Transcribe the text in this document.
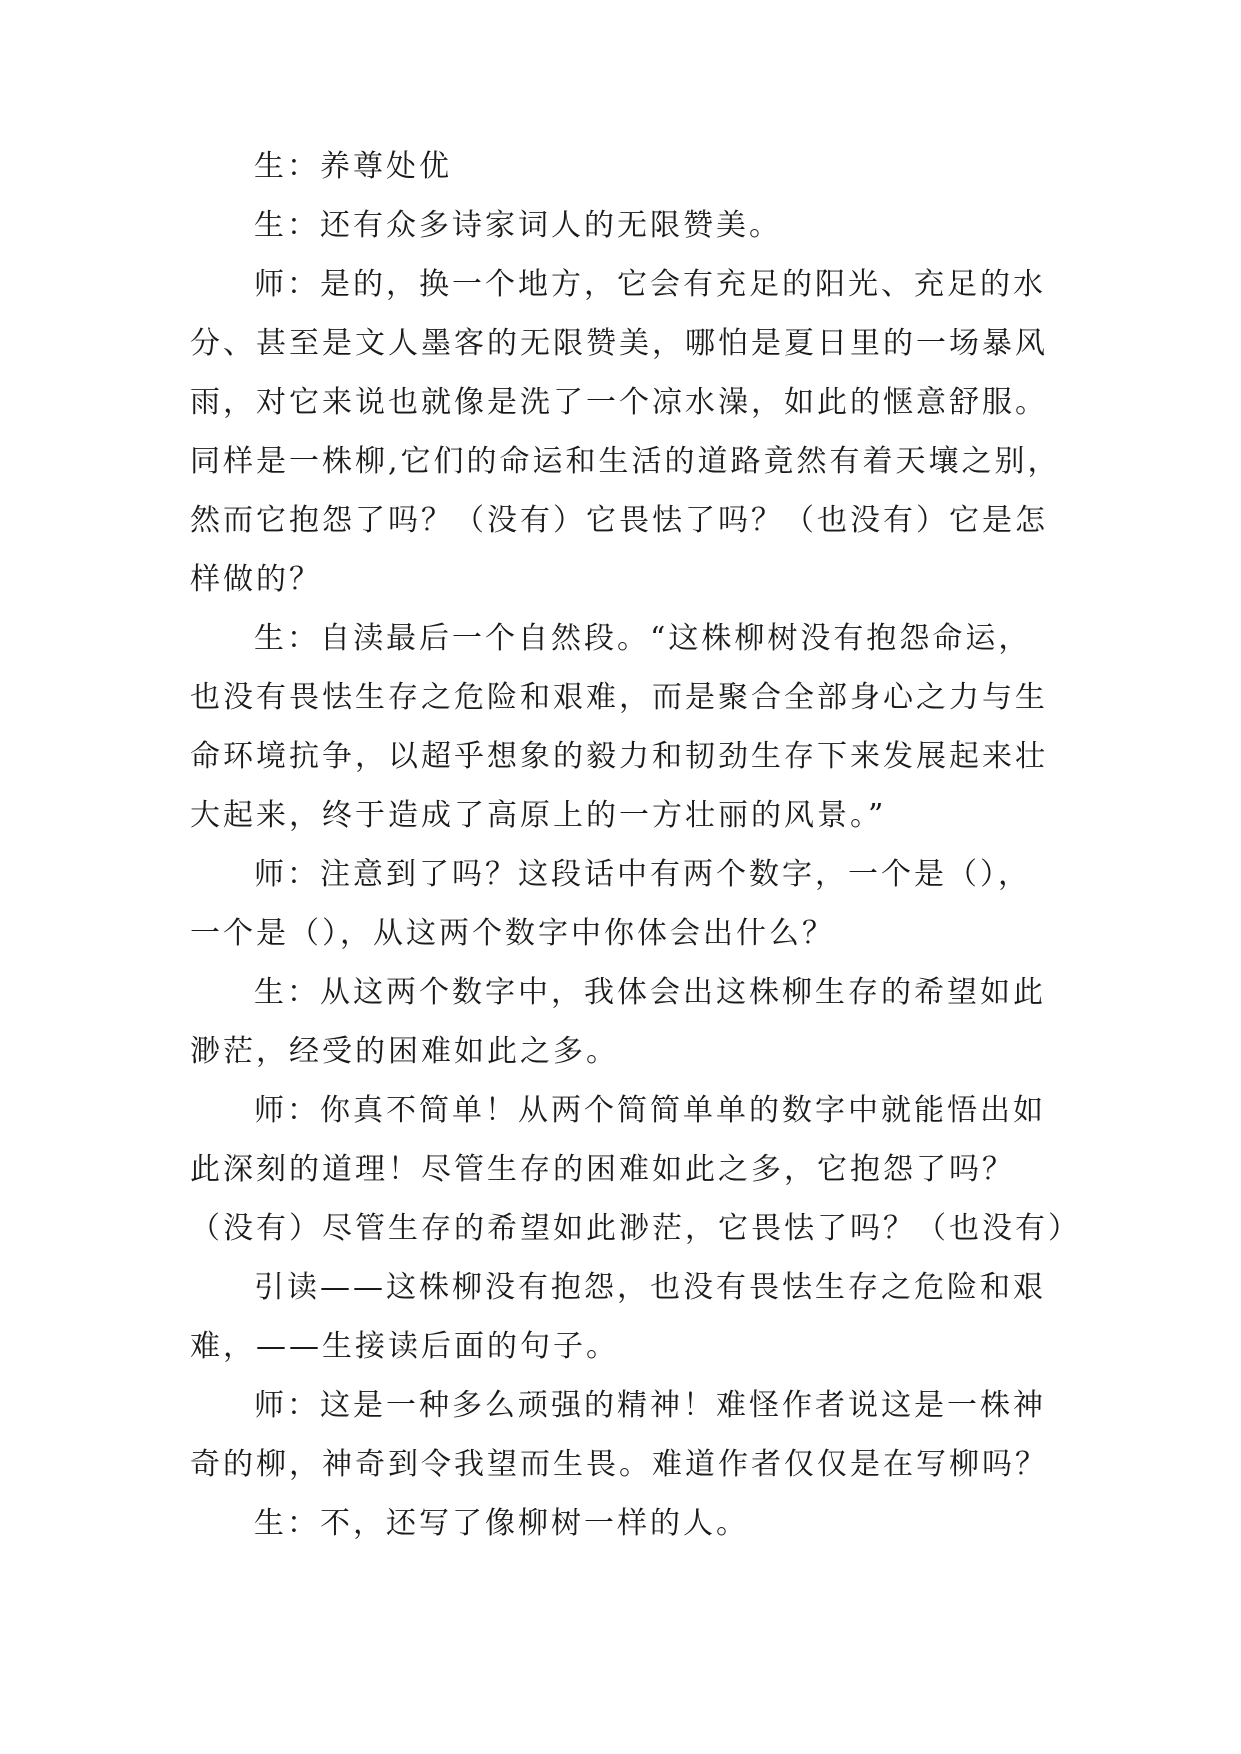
生：养尊处优
生：还有众多诗家词人的无限赞美。
师：是的，换一个地方，它会有充足的阳光、充足的水
分、甚至是文人墨客的无限赞美，哪怕是夏日里的一场暴风
雨，对它来说也就像是洗了一个凉水澡，如此的惬意舒服。
同样是一株柳,它们的命运和生活的道路竟然有着天壤之别，
然而它抱怨了吗？（没有）它畏怯了吗？（也没有）它是怎
样做的？
生：自渎最后一个自然段。“这株柳树没有抱怨命运，
也没有畏怯生存之危险和艰难，而是聚合全部身心之力与生
命环境抗争，以超乎想象的毅力和韧劲生存下来发展起来壮
大起来，终于造成了高原上的一方壮丽的风景。”
师：注意到了吗？这段话中有两个数字，一个是（），
一个是（），从这两个数字中你体会出什么？
生：从这两个数字中，我体会出这株柳生存的希望如此
渺茫，经受的困难如此之多。
师：你真不简单！从两个简简单单的数字中就能悟出如
此深刻的道理！尽管生存的困难如此之多，它抱怨了吗？
（没有）尽管生存的希望如此渺茫，它畏怯了吗？（也没有）
引读——这株柳没有抱怨，也没有畏怯生存之危险和艰
难，——生接读后面的句子。
师：这是一种多么顽强的精神！难怪作者说这是一株神
奇的柳，神奇到令我望而生畏。难道作者仅仅是在写柳吗？
生：不，还写了像柳树一样的人。
